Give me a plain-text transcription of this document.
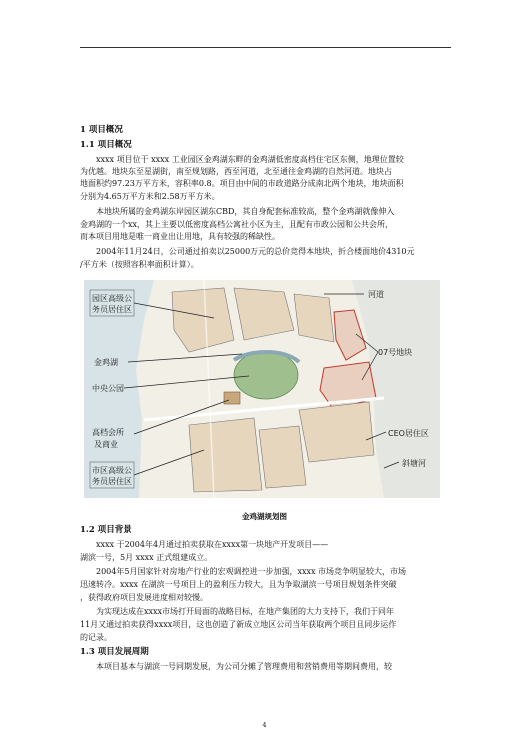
1 项目概况
1.1 项目概况
xxxx 项目位于 xxxx 工业园区金鸡湖东畔的金鸡湖低密度高档住宅区东侧，地理位置较
为优越。地块东至星湖街，南至规划路，西至河道，北至通往金鸡湖的自然河道。地块占
地面积约97.23万平方米，容积率0.8。项目由中间的市政道路分成南北两个地块，地块面积
分别为4.65万平方米和2.58万平方米。
本地块所属的金鸡湖东岸园区湖东CBD，其自身配套标准较高，整个金鸡湖就像伸入
金鸡湖的一个xx，其上主要以低密度高档公寓社小区为主，且配有市政公园和公共会所，
而本项目用地是唯一商业出让用地，具有较强的稀缺性。
2004年11月24日，公司通过拍卖以25000万元的总价竞得本地块，折合楼面地价4310元
/平方米（按照容积率面积计算）。
园区高级公
务员居住区
金鸡湖
中央公园
高档会所
及商业
市区高级公
务员居住区
河道
07号地块
CEO居住区
斜塘河
金鸡湖规划图
1.2 项目背景
xxxx 于2004年4月通过拍卖获取在xxxx第一块地产开发项目——
湖滨一号，5月 xxxx 正式组建成立。
2004年5月国家针对房地产行业的宏观调控进一步加强，xxxx 市场竞争明显较大，市场
迅速转冷。xxxx 在湖滨一号项目上的盈利压力较大，且为争取湖滨一号项目规划条件突破
，获得政府项目发展进度相对较慢。
为实现达成在xxxx市场打开局面的战略目标，在地产集团的大力支持下，我们于同年
11月又通过拍卖获得xxxx项目，这也创造了新成立地区公司当年获取两个项目且同步运作
的记录。
1.3 项目发展周期
本项目基本与湖滨一号同期发展，为公司分摊了管理费用和营销费用等期间费用，较
4
